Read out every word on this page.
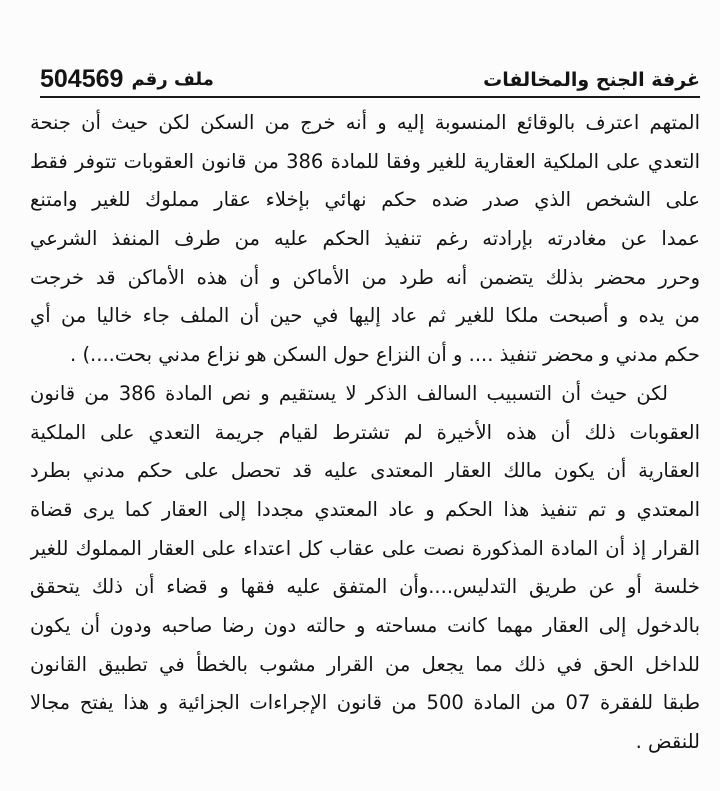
غرفة الجنح والمخالفات
ملف رقم
504569
المتهم اعترف بالوقائع المنسوبة إليه و أنه خرج من السكن لكن حيث أن جنحة
التعدي على الملكية العقارية للغير وفقا للمادة 386 من قانون العقوبات تتوفر فقط
على الشخص الذي صدر ضده حكم نهائي بإخلاء عقار مملوك للغير وامتنع
عمدا عن مغادرته بإرادته رغم تنفيذ الحكم عليه من طرف المنفذ الشرعي
وحرر محضر بذلك يتضمن أنه طرد من الأماكن و أن هذه الأماكن قد خرجت
من يده و أصبحت ملكا للغير ثم عاد إليها في حين أن الملف جاء خاليا من أي
حكم مدني و محضر تنفيذ .... و أن النزاع حول السكن هو نزاع مدني بحت....) .
لكن حيث أن التسبيب السالف الذكر لا يستقيم و نص المادة 386 من قانون
العقوبات ذلك أن هذه الأخيرة لم تشترط لقيام جريمة التعدي على الملكية
العقارية أن يكون مالك العقار المعتدى عليه قد تحصل على حكم مدني بطرد
المعتدي و تم تنفيذ هذا الحكم و عاد المعتدي مجددا إلى العقار كما يرى قضاة
القرار إذ أن المادة المذكورة نصت على عقاب كل اعتداء على العقار المملوك للغير
خلسة أو عن طريق التدليس....وأن المتفق عليه فقها و قضاء أن ذلك يتحقق
بالدخول إلى العقار مهما كانت مساحته و حالته دون رضا صاحبه ودون أن يكون
للداخل الحق في ذلك مما يجعل من القرار مشوب بالخطأ في تطبيق القانون
طبقا للفقرة 07 من المادة 500 من قانون الإجراءات الجزائية و هذا يفتح مجالا
للنقض .
